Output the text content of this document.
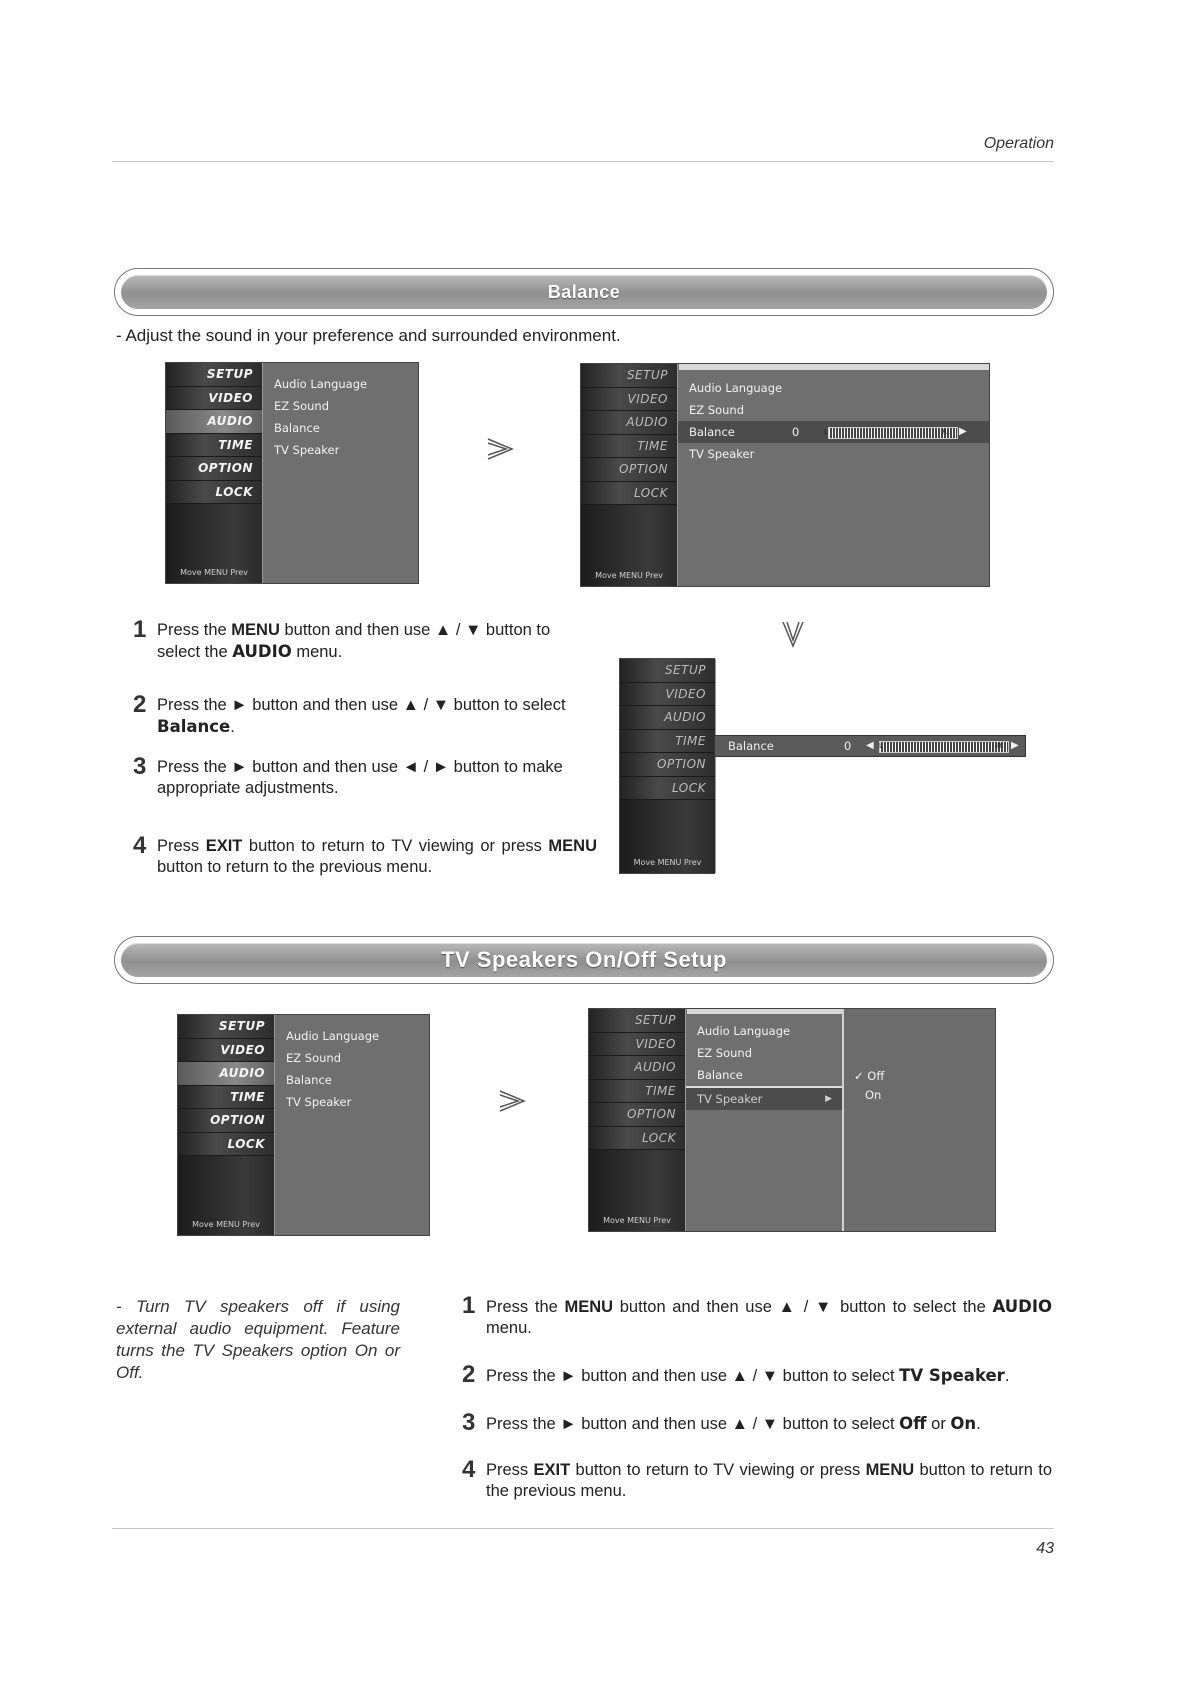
Operation
Balance
- Adjust the sound in your preference and surrounded environment.
SETUP
VIDEO
AUDIO
TIME
OPTION
LOCK
Move MENU Prev
Audio Language
EZ Sound
Balance
TV Speaker
SETUP
VIDEO
AUDIO
TIME
OPTION
LOCK
Move MENU Prev
Audio Language
EZ Sound
Balance	0	L	R ▶
TV Speaker
1 Press the MENU button and then use ▲ / ▼ button to select the AUDIO menu.
2 Press the ► button and then use ▲ / ▼ button to select Balance.
3 Press the ► button and then use ◄ / ► button to make appropriate adjustments.
4 Press EXIT button to return to TV viewing or press MENU button to return to the previous menu.
SETUP
VIDEO
AUDIO
TIME
OPTION
LOCK
Move MENU Prev
Balance	0 ◀ L	R ▶
TV Speakers On/Off Setup
SETUP
VIDEO
AUDIO
TIME
OPTION
LOCK
Move MENU Prev
Audio Language
EZ Sound
Balance
TV Speaker
SETUP
VIDEO
AUDIO
TIME
OPTION
LOCK
Move MENU Prev
Audio Language
EZ Sound
Balance
TV Speaker	▶
✓ Off
On
- Turn TV speakers off if using external audio equipment. Feature turns the TV Speakers option On or Off.
1 Press the MENU button and then use ▲ / ▼ button to select the AUDIO menu.
2 Press the ► button and then use ▲ / ▼ button to select TV Speaker.
3 Press the ► button and then use ▲ / ▼ button to select Off or On.
4 Press EXIT button to return to TV viewing or press MENU button to return to the previous menu.
43
